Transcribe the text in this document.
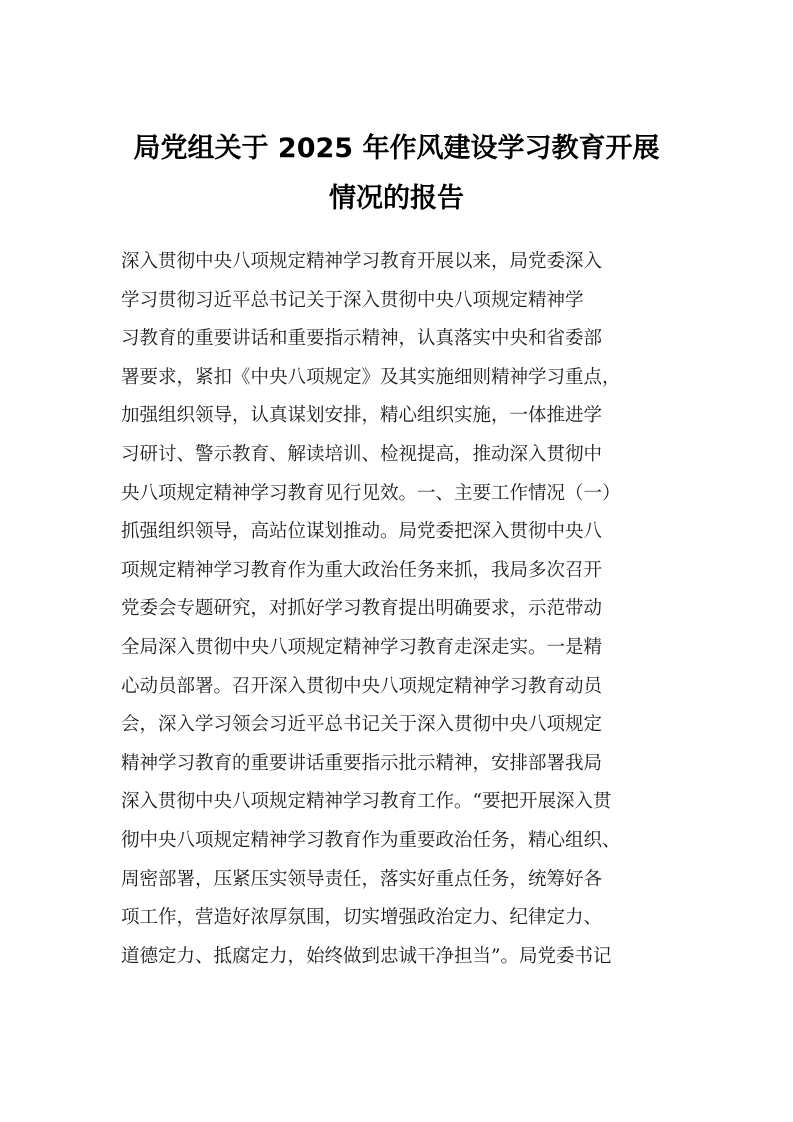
局党组关于 2025 年作风建设学习教育开展
情况的报告

深入贯彻中央八项规定精神学习教育开展以来，局党委深入

学习贯彻习近平总书记关于深入贯彻中央八项规定精神学

习教育的重要讲话和重要指示精神，认真落实中央和省委部

署要求，紧扣《中央八项规定》及其实施细则精神学习重点，

加强组织领导，认真谋划安排，精心组织实施，一体推进学

习研讨、警示教育、解读培训、检视提高，推动深入贯彻中

央八项规定精神学习教育见行见效。一、主要工作情况（一）

抓强组织领导，高站位谋划推动。局党委把深入贯彻中央八

项规定精神学习教育作为重大政治任务来抓，我局多次召开

党委会专题研究，对抓好学习教育提出明确要求，示范带动

全局深入贯彻中央八项规定精神学习教育走深走实。一是精

心动员部署。召开深入贯彻中央八项规定精神学习教育动员

会，深入学习领会习近平总书记关于深入贯彻中央八项规定

精神学习教育的重要讲话重要指示批示精神，安排部署我局

深入贯彻中央八项规定精神学习教育工作。“要把开展深入贯

彻中央八项规定精神学习教育作为重要政治任务，精心组织、

周密部署，压紧压实领导责任，落实好重点任务，统筹好各

项工作，营造好浓厚氛围，切实增强政治定力、纪律定力、

道德定力、抵腐定力，始终做到忠诚干净担当”。局党委书记
